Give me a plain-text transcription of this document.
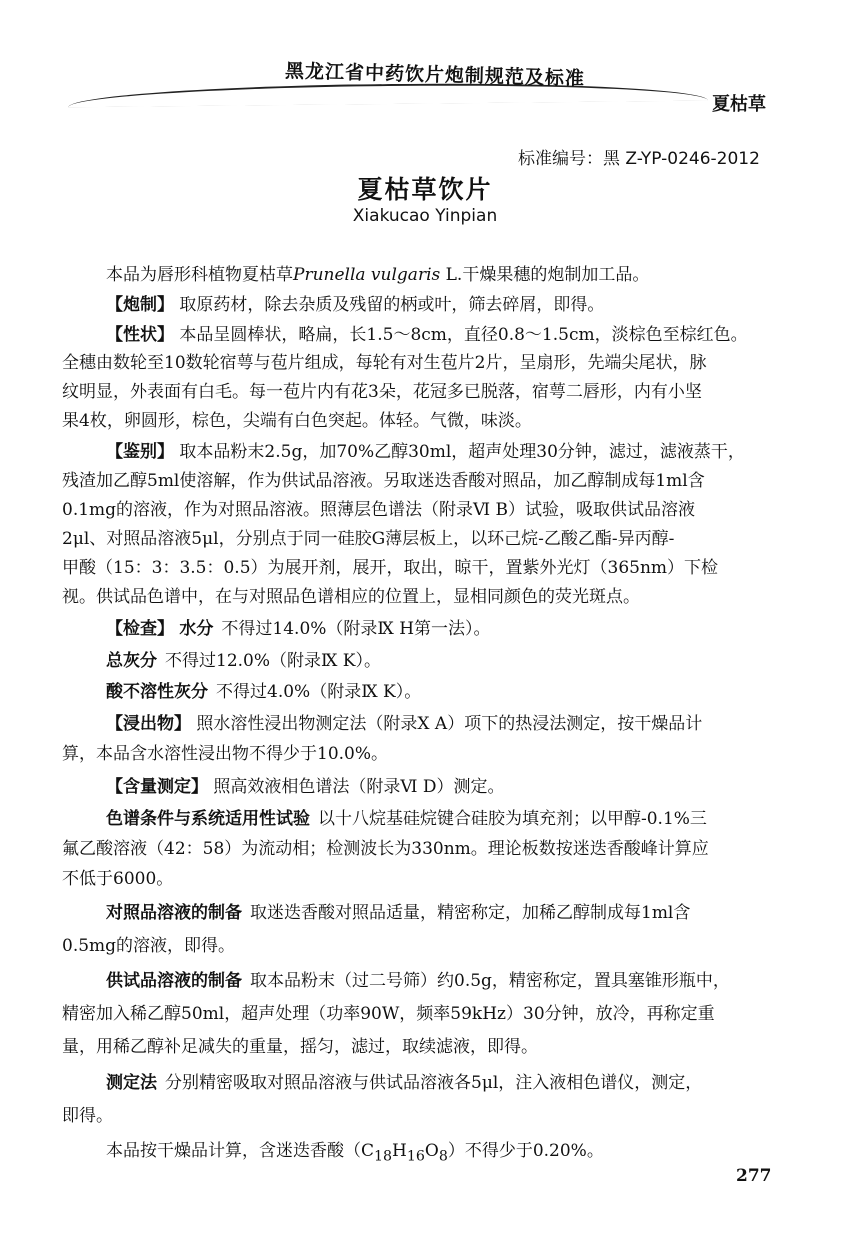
黑龙江省中药饮片炮制规范及标准
夏枯草
标准编号：黑 Z-YP-0246-2012
夏枯草饮片
Xiakucao Yinpian
本品为唇形科植物夏枯草Prunella vulgaris L.干燥果穗的炮制加工品。
【炮制】 取原药材，除去杂质及残留的柄或叶，筛去碎屑，即得。
【性状】 本品呈圆棒状，略扁，长1.5～8cm，直径0.8～1.5cm，淡棕色至棕红色。
全穗由数轮至10数轮宿萼与苞片组成，每轮有对生苞片2片，呈扇形，先端尖尾状，脉
纹明显，外表面有白毛。每一苞片内有花3朵，花冠多已脱落，宿萼二唇形，内有小坚
果4枚，卵圆形，棕色，尖端有白色突起。体轻。气微，味淡。
【鉴别】 取本品粉末2.5g，加70%乙醇30ml，超声处理30分钟，滤过，滤液蒸干，
残渣加乙醇5ml使溶解，作为供试品溶液。另取迷迭香酸对照品，加乙醇制成每1ml含
0.1mg的溶液，作为对照品溶液。照薄层色谱法（附录Ⅵ B）试验，吸取供试品溶液
2μl、对照品溶液5μl，分别点于同一硅胶G薄层板上，以环己烷-乙酸乙酯-异丙醇-
甲酸（15：3：3.5：0.5）为展开剂，展开，取出，晾干，置紫外光灯（365nm）下检
视。供试品色谱中，在与对照品色谱相应的位置上，显相同颜色的荧光斑点。
【检查】 水分 不得过14.0%（附录Ⅸ H第一法）。
总灰分 不得过12.0%（附录Ⅸ K）。
酸不溶性灰分 不得过4.0%（附录Ⅸ K）。
【浸出物】 照水溶性浸出物测定法（附录Ⅹ A）项下的热浸法测定，按干燥品计
算，本品含水溶性浸出物不得少于10.0%。
【含量测定】 照高效液相色谱法（附录Ⅵ D）测定。
色谱条件与系统适用性试验 以十八烷基硅烷键合硅胶为填充剂；以甲醇-0.1%三
氟乙酸溶液（42：58）为流动相；检测波长为330nm。理论板数按迷迭香酸峰计算应
不低于6000。
对照品溶液的制备 取迷迭香酸对照品适量，精密称定，加稀乙醇制成每1ml含
0.5mg的溶液，即得。
供试品溶液的制备 取本品粉末（过二号筛）约0.5g，精密称定，置具塞锥形瓶中，
精密加入稀乙醇50ml，超声处理（功率90W，频率59kHz）30分钟，放冷，再称定重
量，用稀乙醇补足减失的重量，摇匀，滤过，取续滤液，即得。
测定法 分别精密吸取对照品溶液与供试品溶液各5μl，注入液相色谱仪，测定，
即得。
本品按干燥品计算，含迷迭香酸$(C_{18}H_{16}O_8)$不得少于0.20%。
277
